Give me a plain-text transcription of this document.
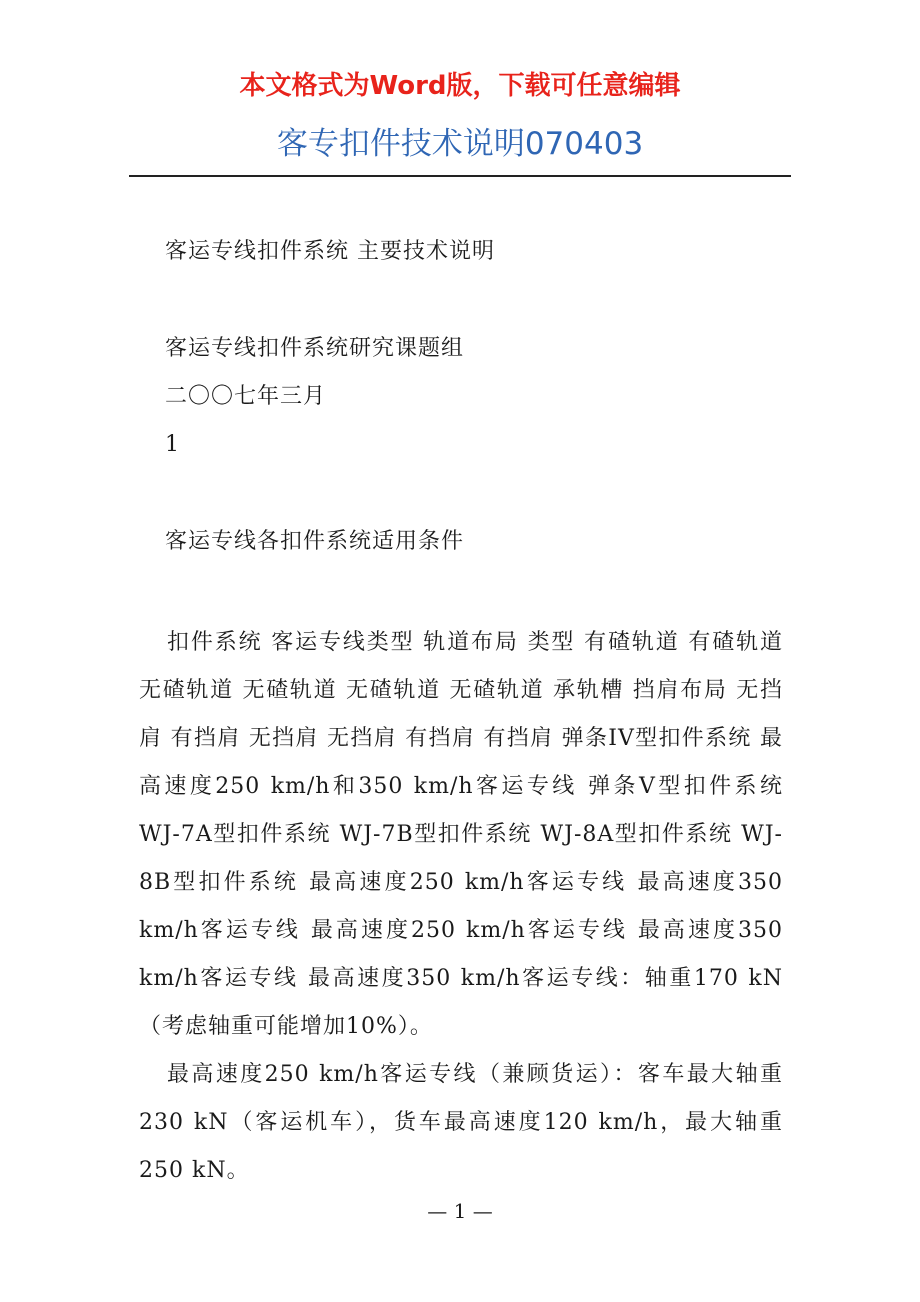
本文格式为Word版，下载可任意编辑
客专扣件技术说明070403
客运专线扣件系统 主要技术说明
客运专线扣件系统研究课题组
二〇〇七年三月
1
客运专线各扣件系统适用条件

扣件系统 客运专线类型 轨道布局 类型 有碴轨道 有碴轨道 无碴轨道 无碴轨道 无碴轨道 无碴轨道 承轨槽 挡肩布局 无挡肩 有挡肩 无挡肩 无挡肩 有挡肩 有挡肩 弹条IV型扣件系统 最高速度250 km/h和350 km/h客运专线 弹条V型扣件系统 WJ-7A型扣件系统 WJ-7B型扣件系统 WJ-8A型扣件系统 WJ-8B型扣件系统 最高速度250 km/h客运专线 最高速度350 km/h客运专线 最高速度250 km/h客运专线 最高速度350 km/h客运专线 最高速度350 km/h客运专线：轴重170 kN（考虑轴重可能增加10%）。

最高速度250 km/h客运专线（兼顾货运）：客车最大轴重230 kN（客运机车），货车最高速度120 km/h，最大轴重250 kN。

— 1 —
